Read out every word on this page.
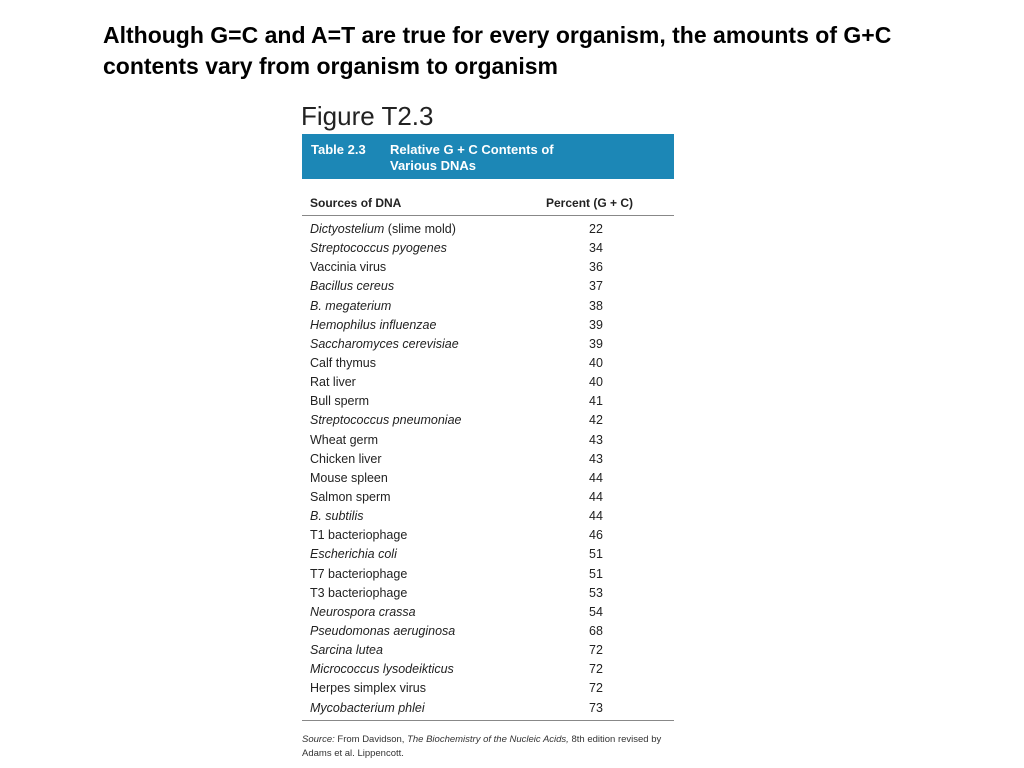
Although G=C and A=T are true for every organism, the amounts of G+C contents vary from organism to organism
Figure T2.3
Table 2.3 Relative G + C Contents of Various DNAs
Sources of DNA	Percent (G + C)
Dictyostelium (slime mold)	22
Streptococcus pyogenes	34
Vaccinia virus	36
Bacillus cereus	37
B. megaterium	38
Hemophilus influenzae	39
Saccharomyces cerevisiae	39
Calf thymus	40
Rat liver	40
Bull sperm	41
Streptococcus pneumoniae	42
Wheat germ	43
Chicken liver	43
Mouse spleen	44
Salmon sperm	44
B. subtilis	44
T1 bacteriophage	46
Escherichia coli	51
T7 bacteriophage	51
T3 bacteriophage	53
Neurospora crassa	54
Pseudomonas aeruginosa	68
Sarcina lutea	72
Micrococcus lysodeikticus	72
Herpes simplex virus	72
Mycobacterium phlei	73
Source: From Davidson, The Biochemistry of the Nucleic Acids, 8th edition revised by Adams et al. Lippencott.
